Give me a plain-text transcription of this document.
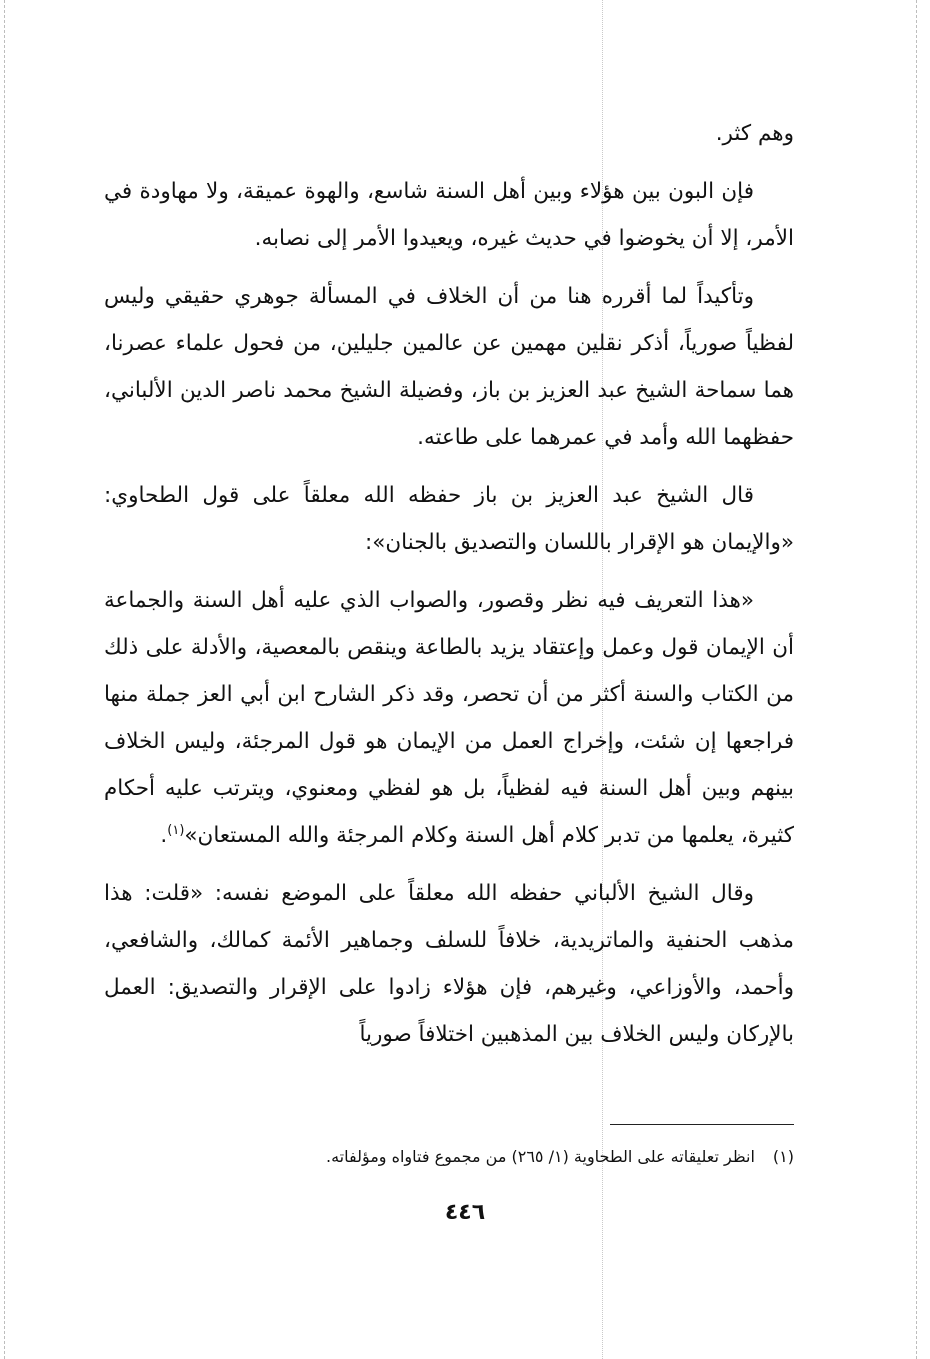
وهم كثر.

فإن البون بين هؤلاء وبين أهل السنة شاسع، والهوة عميقة، ولا مهاودة في الأمر، إلا أن يخوضوا في حديث غيره، ويعيدوا الأمر إلى نصابه.

وتأكيداً لما أقرره هنا من أن الخلاف في المسألة جوهري حقيقي وليس لفظياً صورياً، أذكر نقلين مهمين عن عالمين جليلين، من فحول علماء عصرنا، هما سماحة الشيخ عبد العزيز بن باز، وفضيلة الشيخ محمد ناصر الدين الألباني، حفظهما الله وأمد في عمرهما على طاعته.

قال الشيخ عبد العزيز بن باز حفظه الله معلقاً على قول الطحاوي: «والإيمان هو الإقرار باللسان والتصديق بالجنان»:

«هذا التعريف فيه نظر وقصور، والصواب الذي عليه أهل السنة والجماعة أن الإيمان قول وعمل وإعتقاد يزيد بالطاعة وينقص بالمعصية، والأدلة على ذلك من الكتاب والسنة أكثر من أن تحصر، وقد ذكر الشارح ابن أبي العز جملة منها فراجعها إن شئت، وإخراج العمل من الإيمان هو قول المرجئة، وليس الخلاف بينهم وبين أهل السنة فيه لفظياً، بل هو لفظي ومعنوي، ويترتب عليه أحكام كثيرة، يعلمها من تدبر كلام أهل السنة وكلام المرجئة والله المستعان»$^{(١)}$.

وقال الشيخ الألباني حفظه الله معلقاً على الموضع نفسه: «قلت: هذا مذهب الحنفية والماتريدية، خلافاً للسلف وجماهير الأئمة كمالك، والشافعي، وأحمد، والأوزاعي، وغيرهم، فإن هؤلاء زادوا على الإقرار والتصديق: العمل بالإركان وليس الخلاف بين المذهبين اختلافاً صورياً

(١)انظر تعليقاته على الطحاوية (١/ ٢٦٥) من مجموع فتاواه ومؤلفاته.
٤٤٦
